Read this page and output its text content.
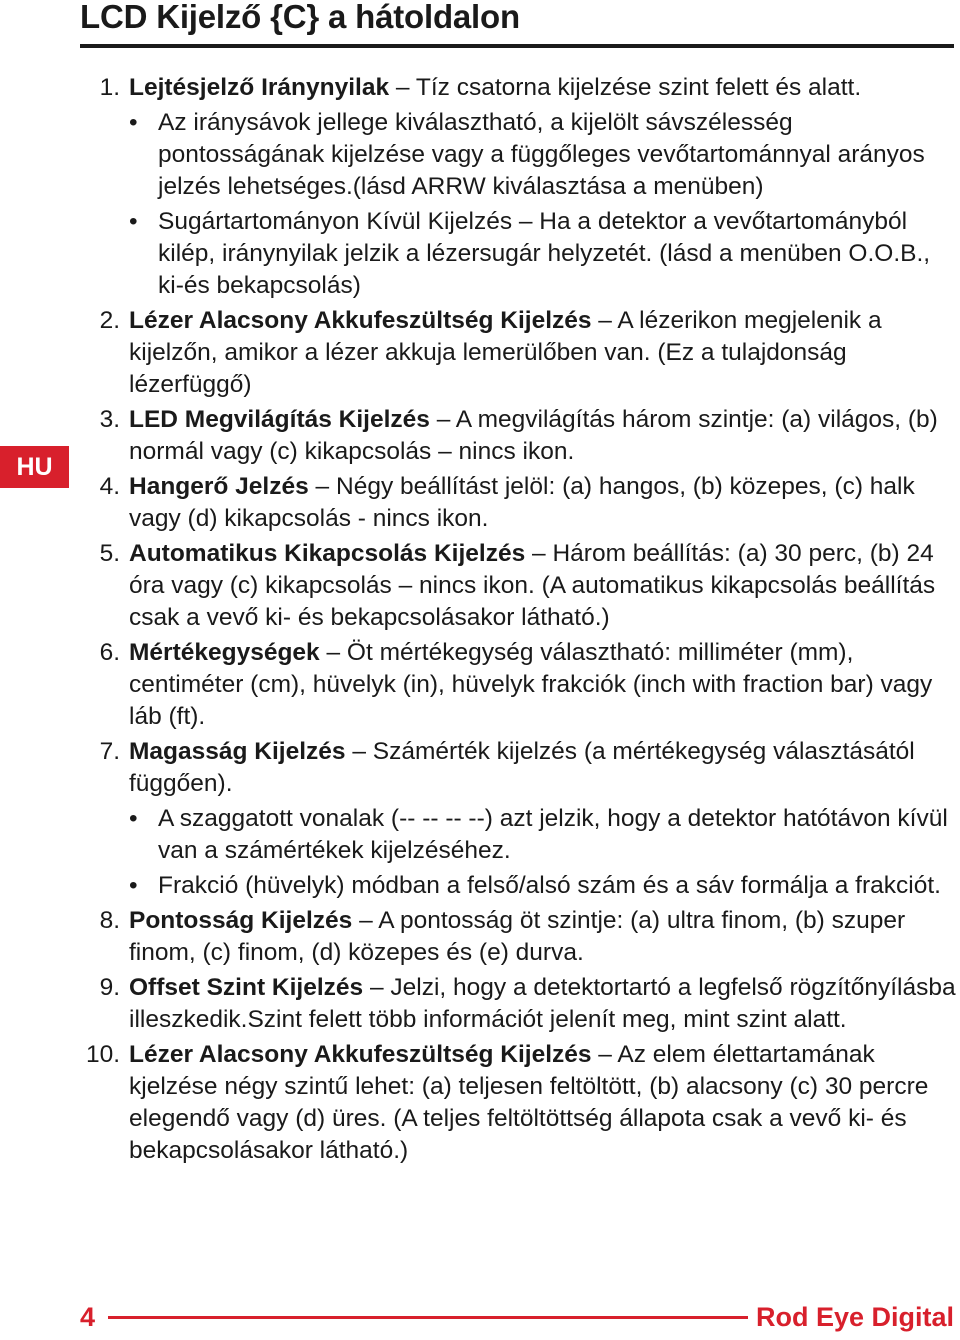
LCD Kijelző {C} a hátoldalon
HU
1. Lejtésjelző Iránynyilak – Tíz csatorna kijelzése szint felett és alatt.
• Az iránysávok jellege kiválasztható, a kijelölt sávszélesség pontosságának kijelzése vagy a függőleges vevőtartománnyal arányos jelzés lehetséges.(lásd ARRW kiválasztása a menüben)
• Sugártartományon Kívül Kijelzés – Ha a detektor a vevőtartományból kilép, iránynyilak jelzik a lézersugár helyzetét. (lásd a menüben O.O.B., ki-és bekapcsolás)
2. Lézer Alacsony Akkufeszültség Kijelzés – A lézerikon megjelenik a kijelzőn, amikor a lézer akkuja lemerülőben van. (Ez a tulajdonság lézerfüggő)
3. LED Megvilágítás Kijelzés – A megvilágítás három szintje: (a) világos, (b) normál vagy (c) kikapcsolás – nincs ikon.
4. Hangerő Jelzés – Négy beállítást jelöl: (a) hangos, (b) közepes, (c) halk vagy (d) kikapcsolás - nincs ikon.
5. Automatikus Kikapcsolás Kijelzés – Három beállítás: (a) 30 perc, (b) 24 óra vagy (c) kikapcsolás – nincs ikon. (A automatikus kikapcsolás beállítás csak a vevő ki- és bekapcsolásakor látható.)
6. Mértékegységek – Öt mértékegység választható: milliméter (mm), centiméter (cm), hüvelyk (in), hüvelyk frakciók (inch with fraction bar) vagy láb (ft).
7. Magasság Kijelzés – Számérték kijelzés (a mértékegység választásától függően).
• A szaggatott vonalak (-- -- -- --) azt jelzik, hogy a detektor hatótávon kívül van a számértékek kijelzéséhez.
• Frakció (hüvelyk) módban a felső/alsó szám és a sáv formálja a frakciót.
8. Pontosság Kijelzés – A pontosság öt szintje: (a) ultra finom, (b) szuper finom, (c) finom, (d) közepes és (e) durva.
9. Offset Szint Kijelzés – Jelzi, hogy a detektortartó a legfelső rögzítőnyílásba illeszkedik.Szint felett több információt jelenít meg, mint szint alatt.
10. Lézer Alacsony Akkufeszültség Kijelzés – Az elem élettartamának kjelzése négy szintű lehet: (a) teljesen feltöltött, (b) alacsony (c) 30 percre elegendő vagy (d) üres. (A teljes feltöltöttség állapota csak a vevő ki- és bekapcsolásakor látható.)
4	Rod Eye Digital
